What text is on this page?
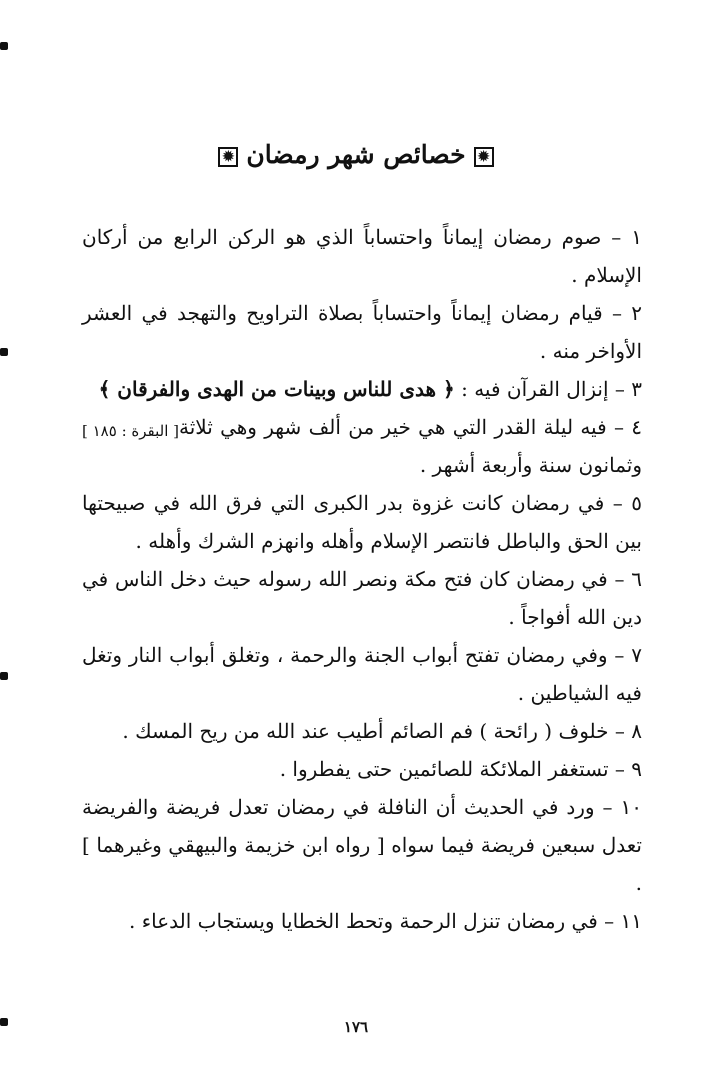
✹خصائص شهر رمضان✹
١ – صوم رمضان إيماناً واحتساباً الذي هو الركن الرابع من أركان الإسلام .
٢ – قيام رمضان إيماناً واحتساباً بصلاة التراويح والتهجد في العشر الأواخر منه .
٣ – إنزال القرآن فيه : ﴿ هدى للناس وبينات من الهدى والفرقان ﴾
[ البقرة : ١٨٥ ]	٤ – فيه ليلة القدر التي هي خير من ألف شهر وهي ثلاثة وثمانون سنة وأربعة أشهر .
٥ – في رمضان كانت غزوة بدر الكبرى التي فرق الله في صبيحتها بين الحق والباطل فانتصر الإسلام وأهله وانهزم الشرك وأهله .
٦ – في رمضان كان فتح مكة ونصر الله رسوله حيث دخل الناس في دين الله أفواجاً .
٧ – وفي رمضان تفتح أبواب الجنة والرحمة ، وتغلق أبواب النار وتغل فيه الشياطين .
٨ – خلوف ( رائحة ) فم الصائم أطيب عند الله من ريح المسك .
٩ – تستغفر الملائكة للصائمين حتى يفطروا .
١٠ – ورد في الحديث أن النافلة في رمضان تعدل فريضة والفريضة تعدل سبعين فريضة فيما سواه [ رواه ابن خزيمة والبيهقي وغيرهما ] .
١١ – في رمضان تنزل الرحمة وتحط الخطايا ويستجاب الدعاء .
١٧٦
